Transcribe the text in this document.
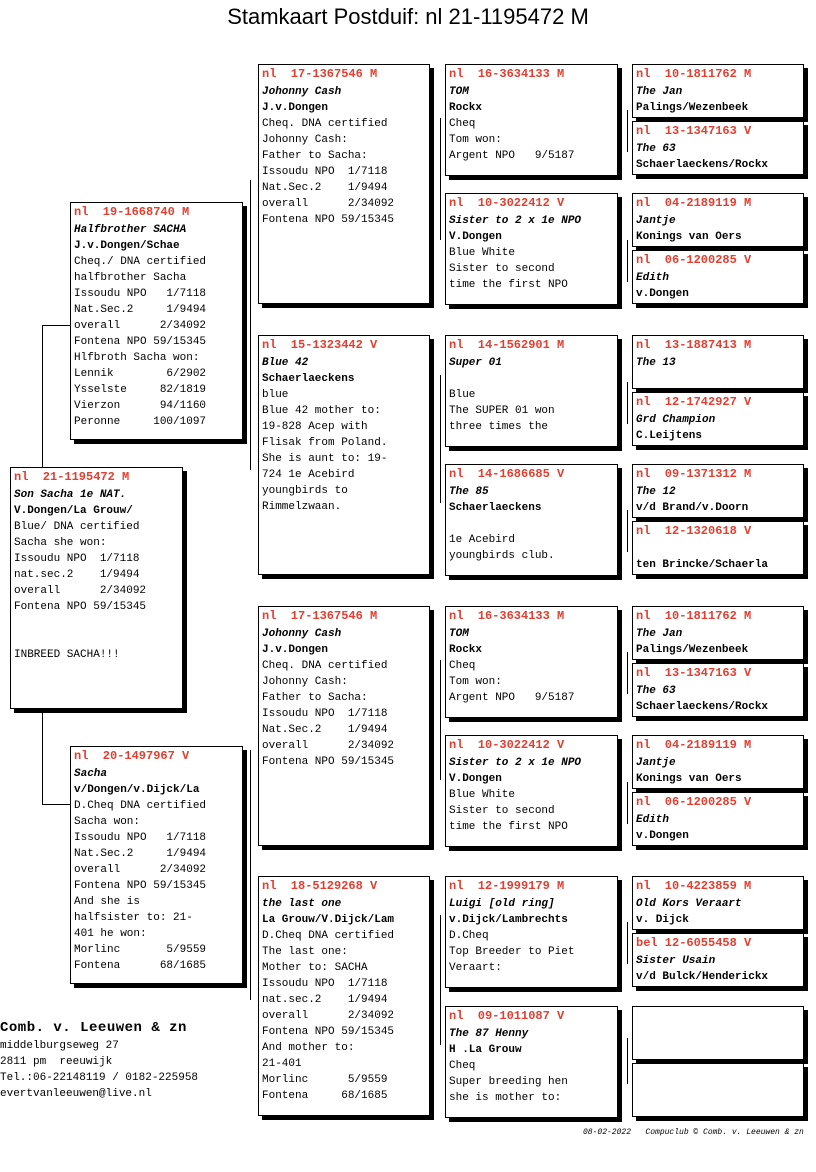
Stamkaart Postduif: nl 21-1195472 M
nl  21-1195472 M
Son Sacha 1e NAT.
V.Dongen/La Grouw/
Blue/ DNA certified
Sacha she won:
Issoudu NPO  1/7118
nat.sec.2    1/9494
overall      2/34092
Fontena NPO 59/15345
INBREED SACHA!!!
nl  19-1668740 M
Halfbrother SACHA
J.v.Dongen/Schae
Cheq./ DNA certified
halfbrother Sacha
Issoudu NPO   1/7118
Nat.Sec.2     1/9494
overall      2/34092
Fontena NPO 59/15345
Hlfbroth Sacha won:
Lennik        6/2902
Ysselste     82/1819
Vierzon      94/1160
Peronne     100/1097
nl  20-1497967 V
Sacha
v/Dongen/v.Dijck/La
D.Cheq DNA certified
Sacha won:
Issoudu NPO   1/7118
Nat.Sec.2     1/9494
overall      2/34092
Fontena NPO 59/15345
And she is
halfsister to: 21-
401 he won:
Morlinc       5/9559
Fontena      68/1685
nl  17-1367546 M
Johonny Cash
J.v.Dongen
Cheq. DNA certified
Johonny Cash:
Father to Sacha:
Issoudu NPO  1/7118
Nat.Sec.2    1/9494
overall      2/34092
Fontena NPO 59/15345
nl  15-1323442 V
Blue 42
Schaerlaeckens
blue
Blue 42 mother to:
19-828 Acep with
Flisak from Poland.
She is aunt to: 19-
724 1e Acebird
youngbirds to
Rimmelzwaan.
nl  17-1367546 M
Johonny Cash
J.v.Dongen
Cheq. DNA certified
Johonny Cash:
Father to Sacha:
Issoudu NPO  1/7118
Nat.Sec.2    1/9494
overall      2/34092
Fontena NPO 59/15345
nl  18-5129268 V
the last one
La Grouw/V.Dijck/Lam
D.Cheq DNA certified
The last one:
Mother to: SACHA
Issoudu NPO  1/7118
nat.sec.2    1/9494
overall      2/34092
Fontena NPO 59/15345
And mother to:
21-401
Morlinc      5/9559
Fontena     68/1685
nl  16-3634133 M
TOM
Rockx
Cheq
Tom won:
Argent NPO   9/5187
nl  10-3022412 V
Sister to 2 x 1e NPO
V.Dongen
Blue White
Sister to second
time the first NPO
nl  14-1562901 M
Super 01
Blue
The SUPER 01 won
three times the
nl  14-1686685 V
The 85
Schaerlaeckens
1e Acebird
youngbirds club.
nl  16-3634133 M
TOM
Rockx
Cheq
Tom won:
Argent NPO   9/5187
nl  10-3022412 V
Sister to 2 x 1e NPO
V.Dongen
Blue White
Sister to second
time the first NPO
nl  12-1999179 M
Luigi [old ring]
v.Dijck/Lambrechts
D.Cheq
Top Breeder to Piet
Veraart:
nl  09-1011087 V
The 87 Henny
H .La Grouw
Cheq
Super breeding hen
she is mother to:
nl  10-1811762 M
The Jan
Palings/Wezenbeek
nl  13-1347163 V
The 63
Schaerlaeckens/Rockx
nl  04-2189119 M
Jantje
Konings van Oers
nl  06-1200285 V
Edith
v.Dongen
nl  13-1887413 M
The 13
nl  12-1742927 V
Grd Champion
C.Leijtens
nl  09-1371312 M
The 12
v/d Brand/v.Doorn
nl  12-1320618 V
ten Brincke/Schaerla
nl  10-1811762 M
The Jan
Palings/Wezenbeek
nl  13-1347163 V
The 63
Schaerlaeckens/Rockx
nl  04-2189119 M
Jantje
Konings van Oers
nl  06-1200285 V
Edith
v.Dongen
nl  10-4223859 M
Old Kors Veraart
v. Dijck
bel 12-6055458 V
Sister Usain
v/d Bulck/Henderickx
Comb. v. Leeuwen & zn
middelburgseweg 27
2811 pm  reeuwijk
Tel.:06-22148119 / 0182-225958
evertvanleeuwen@live.nl
08-02-2022   Compuclub © Comb. v. Leeuwen & zn
